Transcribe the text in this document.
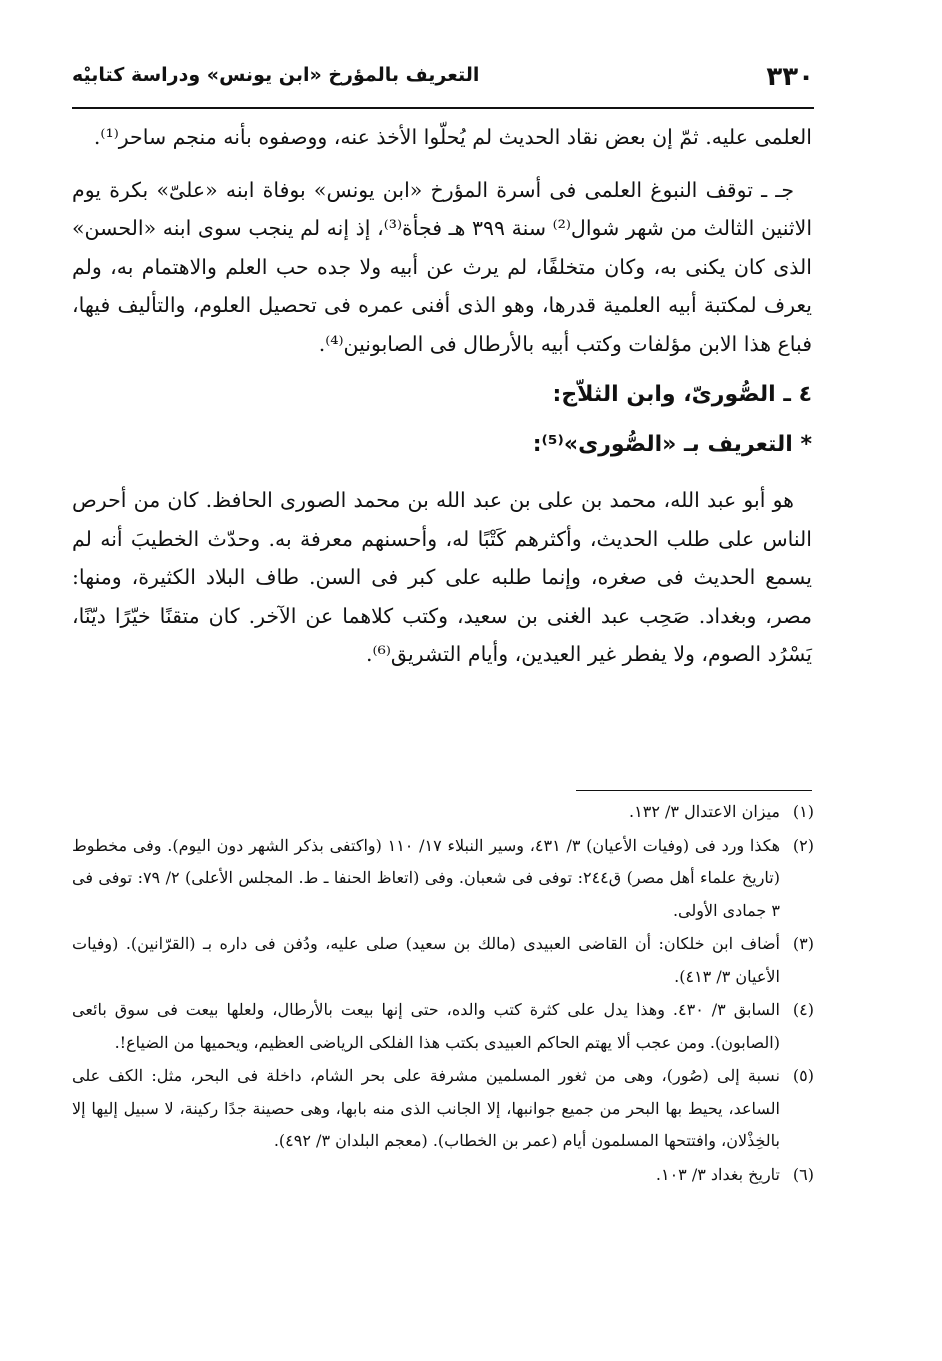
٣٣٠
التعريف بالمؤرخ «ابن يونس» ودراسة كتابيْه

العلمى عليه. ثمّ إن بعض نقاد الحديث لم يُحلّوا الأخذ عنه، ووصفوه بأنه منجم ساحر⁽¹⁾.

جـ ـ توقف النبوغ العلمى فى أسرة المؤرخ «ابن يونس» بوفاة ابنه «علىّ» بكرة يوم الاثنين الثالث من شهر شوال⁽²⁾ سنة ٣٩٩ هـ فجأة⁽³⁾، إذ إنه لم ينجب سوى ابنه «الحسن» الذى كان يكنى به، وكان متخلفًا، لم يرث عن أبيه ولا جده حب العلم والاهتمام به، ولم يعرف لمكتبة أبيه العلمية قدرها، وهو الذى أفنى عمره فى تحصيل العلوم، والتأليف فيها، فباع هذا الابن مؤلفات وكتب أبيه بالأرطال فى الصابونين⁽⁴⁾.

٤ ـ الصُّورىّ، وابن الثلاّج:
* التعريف بـ «الصُّورى»⁽⁵⁾:

هو أبو عبد الله، محمد بن على بن عبد الله بن محمد الصورى الحافظ. كان من أحرص الناس على طلب الحديث، وأكثرهم كَتْبًا له، وأحسنهم معرفة به. وحدّث الخطيبَ أنه لم يسمع الحديث فى صغره، وإنما طلبه على كبر فى السن. طاف البلاد الكثيرة، ومنها: مصر، وبغداد. صَحِب عبد الغنى بن سعيد، وكتب كلاهما عن الآخر. كان متقنًا خيّرًا ديّنًا، يَسْرُد الصوم، ولا يفطر غير العيدين، وأيام التشريق⁽⁶⁾.

(١)
ميزان الاعتدال ٣/ ١٣٢.

(٢)
هكذا ورد فى (وفيات الأعيان) ٣/ ٤٣١، وسير النبلاء ١٧/ ١١٠ (واكتفى بذكر الشهر دون اليوم). وفى مخطوط (تاريخ علماء أهل مصر) ق٢٤٤: توفى فى شعبان. وفى (اتعاظ الحنفا ـ ط. المجلس الأعلى) ٢/ ٧٩: توفى فى ٣ جمادى الأولى.

(٣)
أضاف ابن خلكان: أن القاضى العبيدى (مالك بن سعيد) صلى عليه، ودُفن فى داره بـ (القرّانين). (وفيات الأعيان ٣/ ٤١٣).

(٤)
السابق ٣/ ٤٣٠. وهذا يدل على كثرة كتب والده، حتى إنها بيعت بالأرطال، ولعلها بيعت فى سوق بائعى (الصابون). ومن عجب ألا يهتم الحاكم العبيدى بكتب هذا الفلكى الرياضى العظيم، ويحميها من الضياع!.

(٥)
نسبة إلى (صُور)، وهى من ثغور المسلمين مشرفة على بحر الشام، داخلة فى البحر، مثل: الكف على الساعد، يحيط بها البحر من جميع جوانبها، إلا الجانب الذى منه بابها، وهى حصينة جدًا ركينة، لا سبيل إليها إلا بالخِذْلان، وافتتحها المسلمون أيام (عمر بن الخطاب). (معجم البلدان ٣/ ٤٩٢).

(٦)
تاريخ بغداد ٣/ ١٠٣.
